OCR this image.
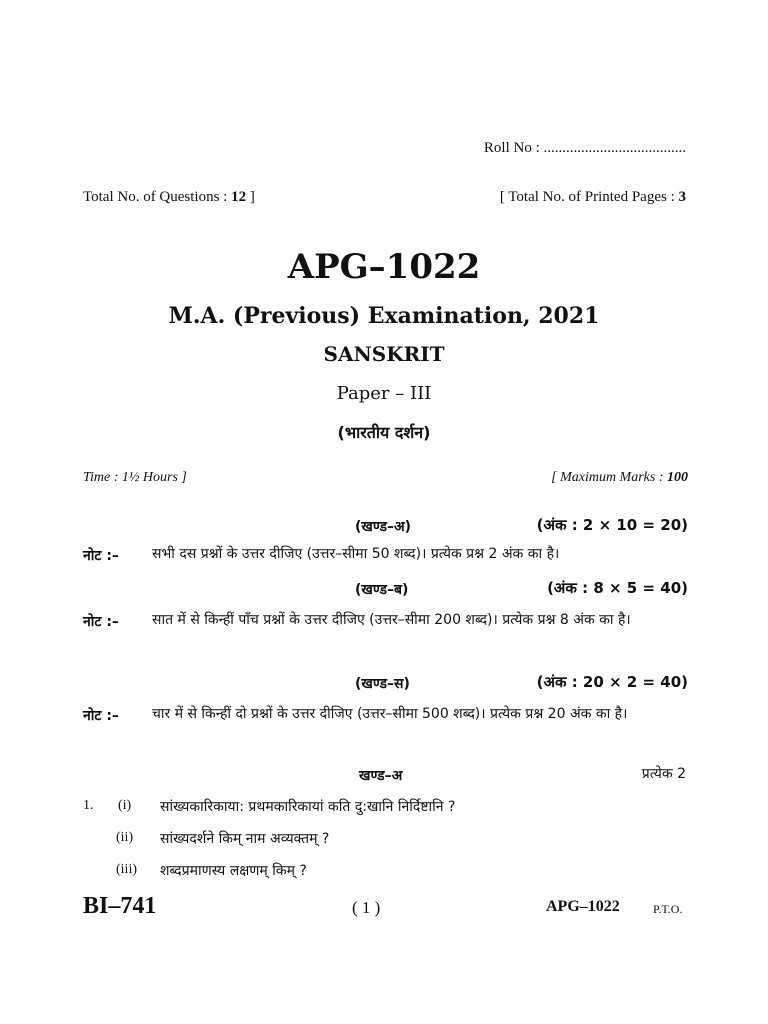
Roll No : ......................................
Total No. of Questions : 12 ]	[ Total No. of Printed Pages : 3
APG–1022
M.A. (Previous) Examination, 2021
SANSKRIT
Paper – III
(भारतीय दर्शन)
Time : 1½ Hours ]	[ Maximum Marks : 100
(खण्ड–अ)	(अंक : 2 × 10 = 20)
नोट :– सभी दस प्रश्नों के उत्तर दीजिए (उत्तर–सीमा 50 शब्द)। प्रत्येक प्रश्न 2 अंक का है।
(खण्ड–ब)	(अंक : 8 × 5 = 40)
नोट :– सात में से किन्हीं पाँच प्रश्नों के उत्तर दीजिए (उत्तर–सीमा 200 शब्द)। प्रत्येक प्रश्न 8 अंक का है।
(खण्ड–स)	(अंक : 20 × 2 = 40)
नोट :– चार में से किन्हीं दो प्रश्नों के उत्तर दीजिए (उत्तर–सीमा 500 शब्द)। प्रत्येक प्रश्न 20 अंक का है।
खण्ड–अ	प्रत्येक 2
1. (i) सांख्यकारिकाया: प्रथमकारिकायां कति दु:खानि निर्दिष्टानि ?
(ii) सांख्यदर्शने किम् नाम अव्यक्तम् ?
(iii) शब्दप्रमाणस्य लक्षणम् किम् ?
BI–741	( 1 )	APG–1022	P.T.O.
